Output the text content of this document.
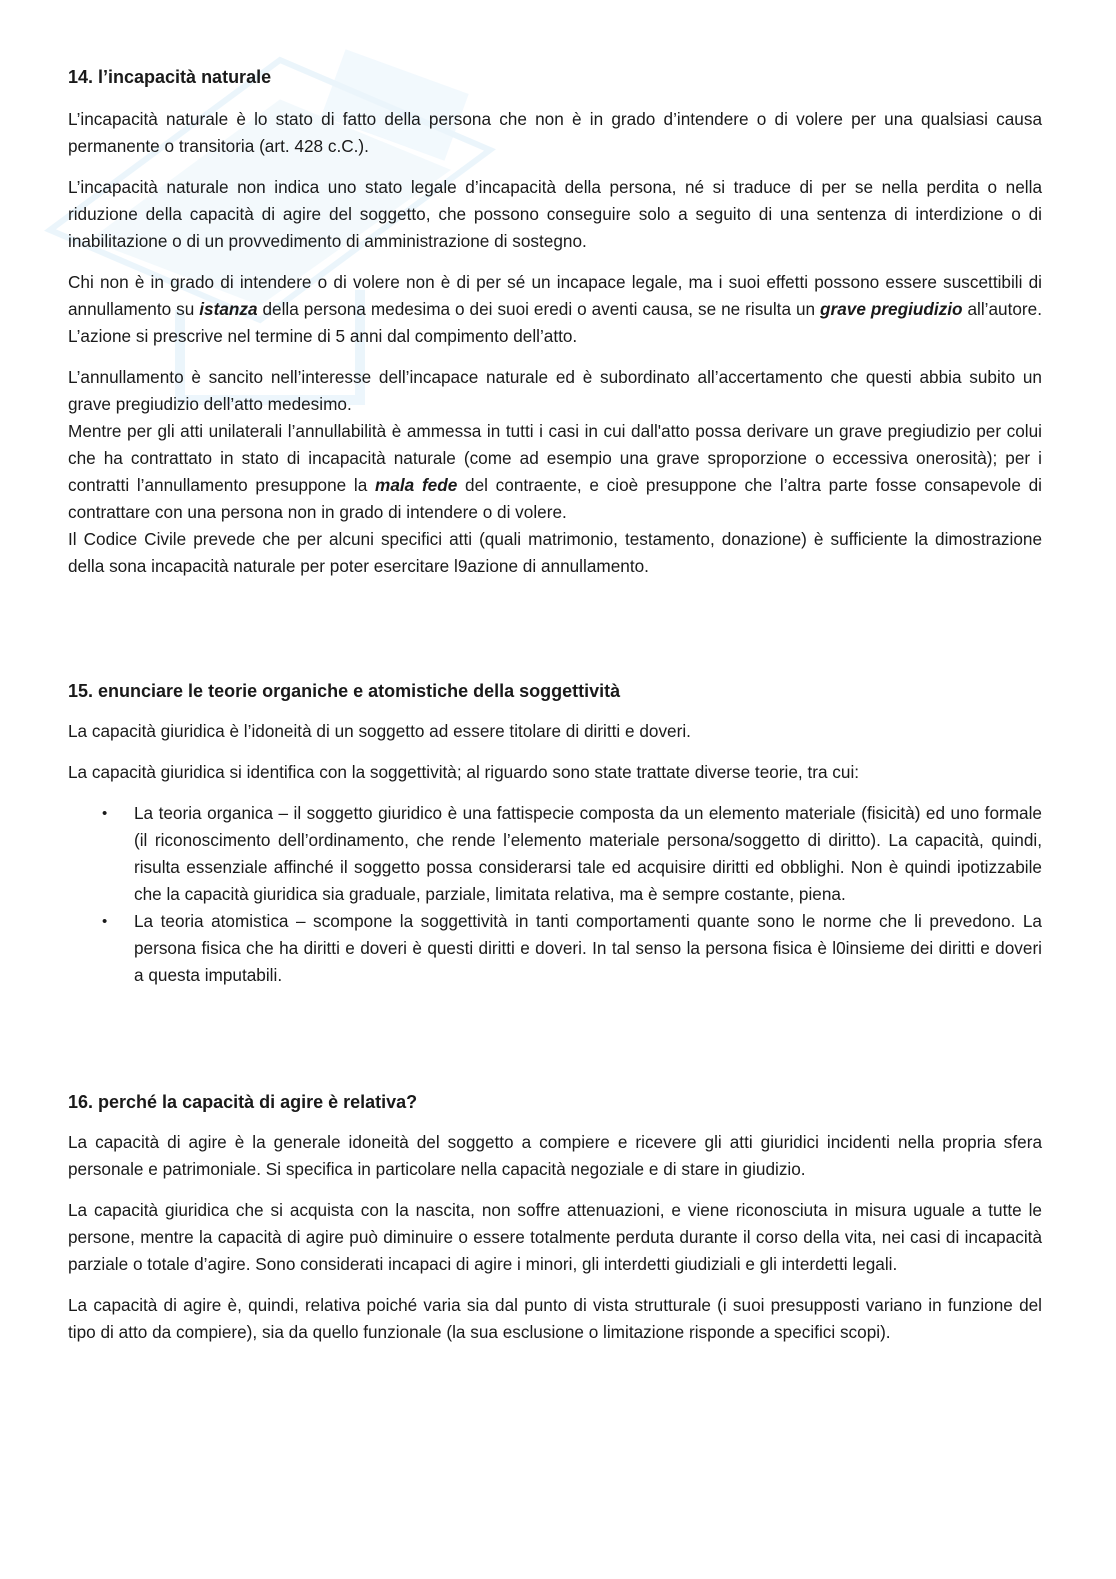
14. l’incapacità naturale

L’incapacità naturale è lo stato di fatto della persona che non è in grado d’intendere o di volere per una qualsiasi causa permanente o transitoria (art. 428 c.C.).

L’incapacità naturale non indica uno stato legale d’incapacità della persona, né si traduce di per se nella perdita o nella riduzione della capacità di agire del soggetto, che possono conseguire solo a seguito di una sentenza di interdizione o di inabilitazione o di un provvedimento di amministrazione di sostegno.

Chi non è in grado di intendere o di volere non è di per sé un incapace legale, ma i suoi effetti possono essere suscettibili di annullamento su istanza della persona medesima o dei suoi eredi o aventi causa, se ne risulta un grave pregiudizio all’autore. L’azione si prescrive nel termine di 5 anni dal compimento dell’atto.

L’annullamento è sancito nell’interesse dell’incapace naturale ed è subordinato all’accertamento che questi abbia subito un grave pregiudizio dell’atto medesimo.

Mentre per gli atti unilaterali l’annullabilità è ammessa in tutti i casi in cui dall'atto possa derivare un grave pregiudizio per colui che ha contrattato in stato di incapacità naturale (come ad esempio una grave sproporzione o eccessiva onerosità); per i contratti l’annullamento presuppone la mala fede del contraente, e cioè presuppone che l’altra parte fosse consapevole di contrattare con una persona non in grado di intendere o di volere.

Il Codice Civile prevede che per alcuni specifici atti (quali matrimonio, testamento, donazione) è sufficiente la dimostrazione della sona incapacità naturale per poter esercitare l9azione di annullamento.

15. enunciare le teorie organiche e atomistiche della soggettività

La capacità giuridica è l’idoneità di un soggetto ad essere titolare di diritti e doveri.

La capacità giuridica si identifica con la soggettività; al riguardo sono state trattate diverse teorie, tra cui:

• La teoria organica – il soggetto giuridico è una fattispecie composta da un elemento materiale (fisicità) ed uno formale (il riconoscimento dell’ordinamento, che rende l’elemento materiale persona/soggetto di diritto). La capacità, quindi, risulta essenziale affinché il soggetto possa considerarsi tale ed acquisire diritti ed obblighi. Non è quindi ipotizzabile che la capacità giuridica sia graduale, parziale, limitata relativa, ma è sempre costante, piena.
• La teoria atomistica – scompone la soggettività in tanti comportamenti quante sono le norme che li prevedono. La persona fisica che ha diritti e doveri è questi diritti e doveri. In tal senso la persona fisica è l0insieme dei diritti e doveri a questa imputabili.
16. perché la capacità di agire è relativa?

La capacità di agire è la generale idoneità del soggetto a compiere e ricevere gli atti giuridici incidenti nella propria sfera personale e patrimoniale. Si specifica in particolare nella capacità negoziale e di stare in giudizio.

La capacità giuridica che si acquista con la nascita, non soffre attenuazioni, e viene riconosciuta in misura uguale a tutte le persone, mentre la capacità di agire può diminuire o essere totalmente perduta durante il corso della vita, nei casi di incapacità parziale o totale d’agire. Sono considerati incapaci di agire i minori, gli interdetti giudiziali e gli interdetti legali.

La capacità di agire è, quindi, relativa poiché varia sia dal punto di vista strutturale (i suoi presupposti variano in funzione del tipo di atto da compiere), sia da quello funzionale (la sua esclusione o limitazione risponde a specifici scopi).
